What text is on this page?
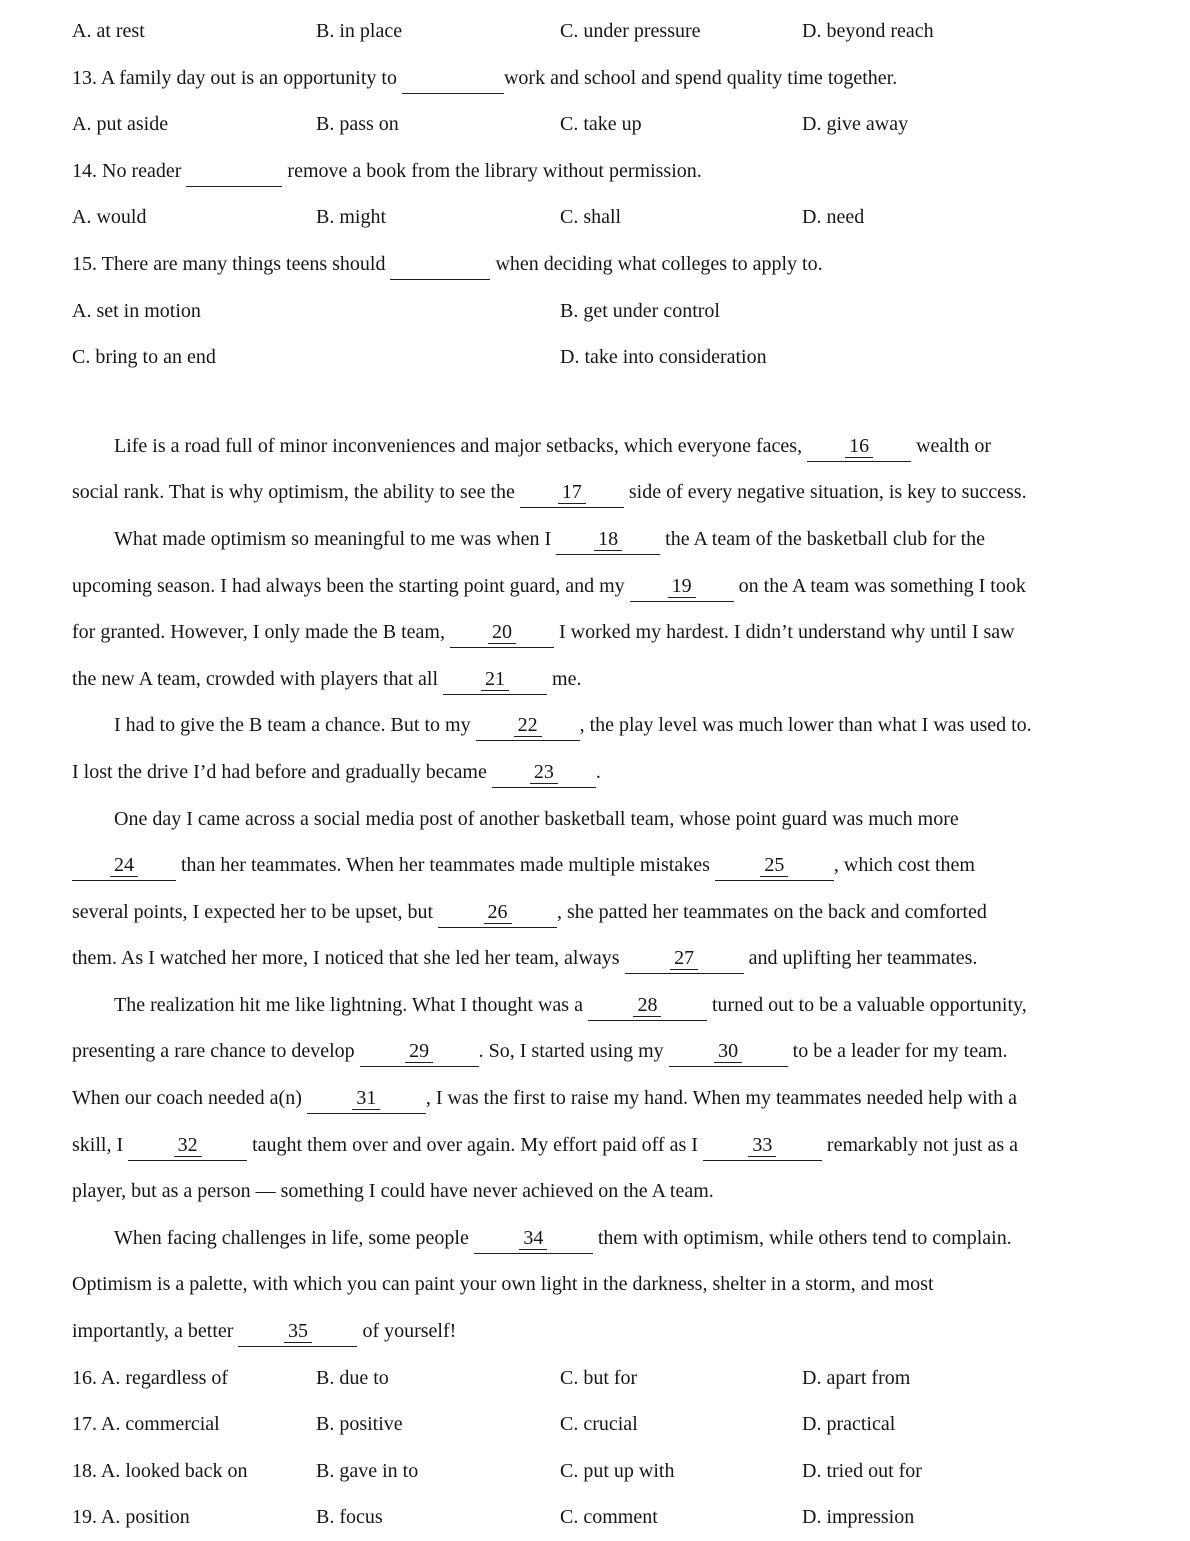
A. at rest	B. in place	C. under pressure	D. beyond reach
13. A family day out is an opportunity to	work and school and spend quality time together.
A. put aside	B. pass on	C. take up	D. give away
14. No reader	remove a book from the library without permission.
A. would	B. might	C. shall	D. need
15. There are many things teens should	when deciding what colleges to apply to.
A. set in motion	B. get under control
C. bring to an end	D. take into consideration
Life is a road full of minor inconveniences and major setbacks, which everyone faces, 16 wealth or
social rank. That is why optimism, the ability to see the 17 side of every negative situation, is key to success.
What made optimism so meaningful to me was when I 18 the A team of the basketball club for the
upcoming season. I had always been the starting point guard, and my 19 on the A team was something I took
for granted. However, I only made the B team, 20 I worked my hardest. I didn’t understand why until I saw
the new A team, crowded with players that all 21 me.
I had to give the B team a chance. But to my 22 , the play level was much lower than what I was used to.
I lost the drive I’d had before and gradually became 23 .
One day I came across a social media post of another basketball team, whose point guard was much more
24 than her teammates. When her teammates made multiple mistakes 25 , which cost them
several points, I expected her to be upset, but 26 , she patted her teammates on the back and comforted
them. As I watched her more, I noticed that she led her team, always 27 and uplifting her teammates.
The realization hit me like lightning. What I thought was a 28 turned out to be a valuable opportunity,
presenting a rare chance to develop 29 . So, I started using my 30 to be a leader for my team.
When our coach needed a(n) 31 , I was the first to raise my hand. When my teammates needed help with a
skill, I 32 taught them over and over again. My effort paid off as I 33 remarkably not just as a
player, but as a person — something I could have never achieved on the A team.
When facing challenges in life, some people 34 them with optimism, while others tend to complain.
Optimism is a palette, with which you can paint your own light in the darkness, shelter in a storm, and most
importantly, a better 35 of yourself!
16. A. regardless of	B. due to	C. but for	D. apart from
17. A. commercial	B. positive	C. crucial	D. practical
18. A. looked back on	B. gave in to	C. put up with	D. tried out for
19. A. position	B. focus	C. comment	D. impression
